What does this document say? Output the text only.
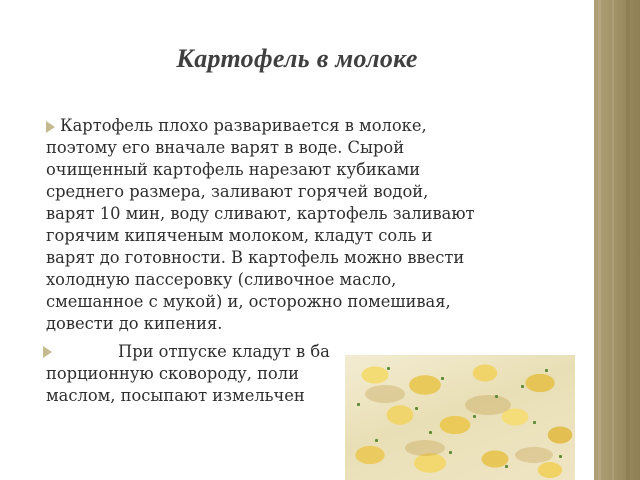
Картофель в молоке
Картофель плохо разваривается в молоке,
поэтому его вначале варят в воде. Сырой
очищенный картофель нарезают кубиками
среднего размера, заливают горячей водой,
варят 10 мин, воду сливают, картофель заливают
горячим кипяченым молоком, кладут соль и
варят до готовности. В картофель можно ввести
холодную пассеровку (сливочное масло,
смешанное с мукой) и, осторожно помешивая,
довести до кипения.
При отпуске кладут в ба
порционную сковороду, поли
маслом, посыпают измельчен
